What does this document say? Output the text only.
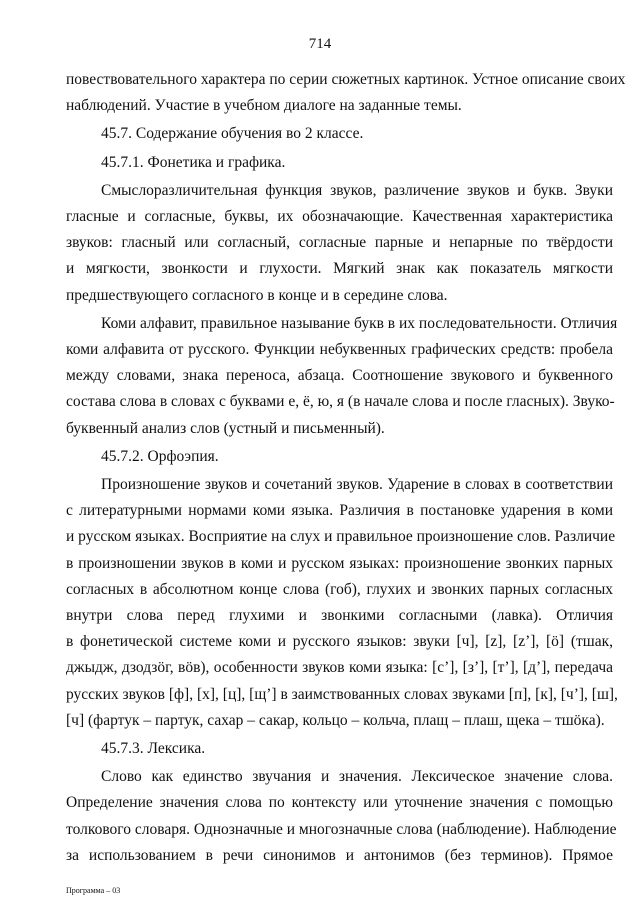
714
повествовательного характера по серии сюжетных картинок. Устное описание своих
наблюдений. Участие в учебном диалоге на заданные темы.
45.7. Содержание обучения во 2 классе.
45.7.1. Фонетика и графика.
Смыслоразличительная функция звуков, различение звуков и букв. Звуки
гласные и согласные, буквы, их обозначающие. Качественная характеристика
звуков: гласный или согласный, согласные парные и непарные по твёрдости
и мягкости, звонкости и глухости. Мягкий знак как показатель мягкости
предшествующего согласного в конце и в середине слова.
Коми алфавит, правильное называние букв в их последовательности. Отличия
коми алфавита от русского. Функции небуквенных графических средств: пробела
между словами, знака переноса, абзаца. Соотношение звукового и буквенного
состава слова в словах с буквами е, ё, ю, я (в начале слова и после гласных). Звуко-
буквенный анализ слов (устный и письменный).
45.7.2. Орфоэпия.
Произношение звуков и сочетаний звуков. Ударение в словах в соответствии
с литературными нормами коми языка. Различия в постановке ударения в коми
и русском языках. Восприятие на слух и правильное произношение слов. Различие
в произношении звуков в коми и русском языках: произношение звонких парных
согласных в абсолютном конце слова (гоб), глухих и звонких парных согласных
внутри слова перед глухими и звонкими согласными (лавка). Отличия
в фонетической системе коми и русского языков: звуки [ч], [z], [z’], [ӧ] (тшак,
джыдж, дзодзӧг, вӧв), особенности звуков коми языка: [с’], [з’], [т’], [д’], передача
русских звуков [ф], [х], [ц], [щ’] в заимствованных словах звуками [п], [к], [ч’], [ш],
[ч] (фартук – партук, сахар – сакар, кольцо – кольча, плащ – плаш, щека – тшӧка).
45.7.3. Лексика.
Слово как единство звучания и значения. Лексическое значение слова.
Определение значения слова по контексту или уточнение значения с помощью
толкового словаря. Однозначные и многозначные слова (наблюдение). Наблюдение
за использованием в речи синонимов и антонимов (без терминов). Прямое
Программа – 03
